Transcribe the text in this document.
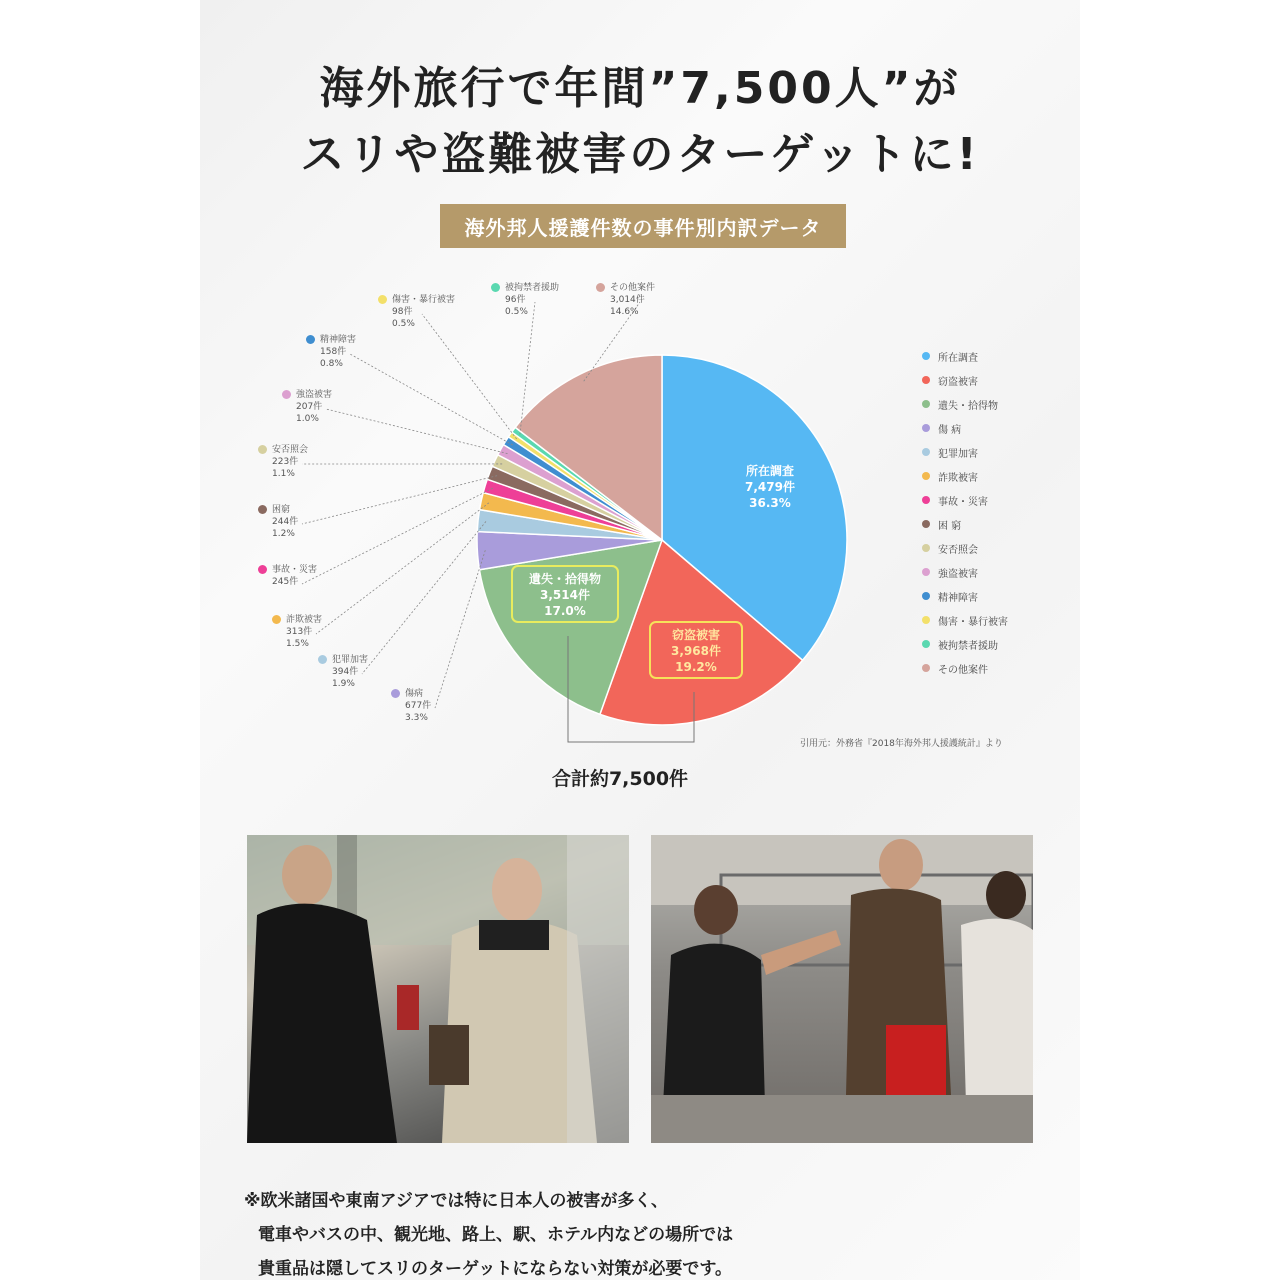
海外旅行で年間”7,500人”が
スリや盗難被害のターゲットに!
海外邦人援護件数の事件別内訳データ
所在調査
7,479件
36.3%
窃盗被害
3,968件
19.2%
遺失・拾得物
3,514件
17.0%
所在調査
窃盗被害
遺失・拾得物
傷 病
犯罪加害
詐欺被害
事故・災害
困 窮
安否照会
強盗被害
精神障害
傷害・暴行被害
被拘禁者援助
その他案件
傷病
677件
3.3%
犯罪加害
394件
1.9%
詐欺被害
313件
1.5%
事故・災害
245件
困窮
244件
1.2%
安否照会
223件
1.1%
強盗被害
207件
1.0%
精神障害
158件
0.8%
傷害・暴行被害
98件
0.5%
被拘禁者援助
96件
0.5%
その他案件
3,014件
14.6%
引用元：外務省『2018年海外邦人援護統計』より
合計約7,500件
※欧米諸国や東南アジアでは特に日本人の被害が多く、
電車やバスの中、観光地、路上、駅、ホテル内などの場所では
貴重品は隠してスリのターゲットにならない対策が必要です。
